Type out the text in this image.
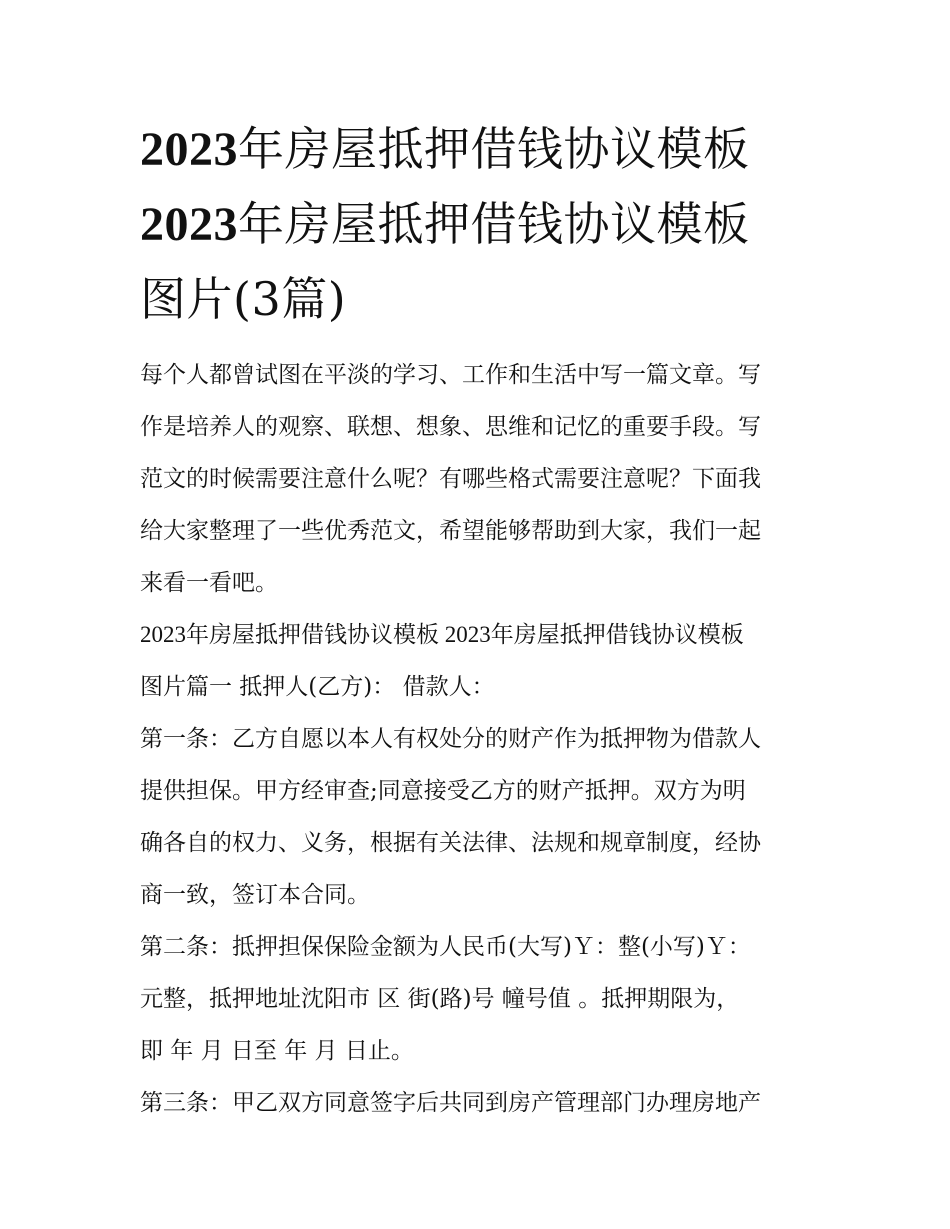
2023年房屋抵押借钱协议模板
2023年房屋抵押借钱协议模板
图片(3篇)
每个人都曾试图在平淡的学习、工作和生活中写一篇文章。写
作是培养人的观察、联想、想象、思维和记忆的重要手段。写
范文的时候需要注意什么呢？有哪些格式需要注意呢？下面我
给大家整理了一些优秀范文，希望能够帮助到大家，我们一起
来看一看吧。
2023年房屋抵押借钱协议模板 2023年房屋抵押借钱协议模板
图片篇一 抵押人(乙方)： 借款人：
第一条：乙方自愿以本人有权处分的财产作为抵押物为借款人
提供担保。甲方经审查;同意接受乙方的财产抵押。双方为明
确各自的权力、义务，根据有关法律、法规和规章制度，经协
商一致，签订本合同。
第二条：抵押担保保险金额为人民币(大写)Ｙ：整(小写)Ｙ：
元整，抵押地址沈阳市 区 街(路)号 幢号值 。抵押期限为，
即 年 月 日至 年 月 日止。
第三条：甲乙双方同意签字后共同到房产管理部门办理房地产
